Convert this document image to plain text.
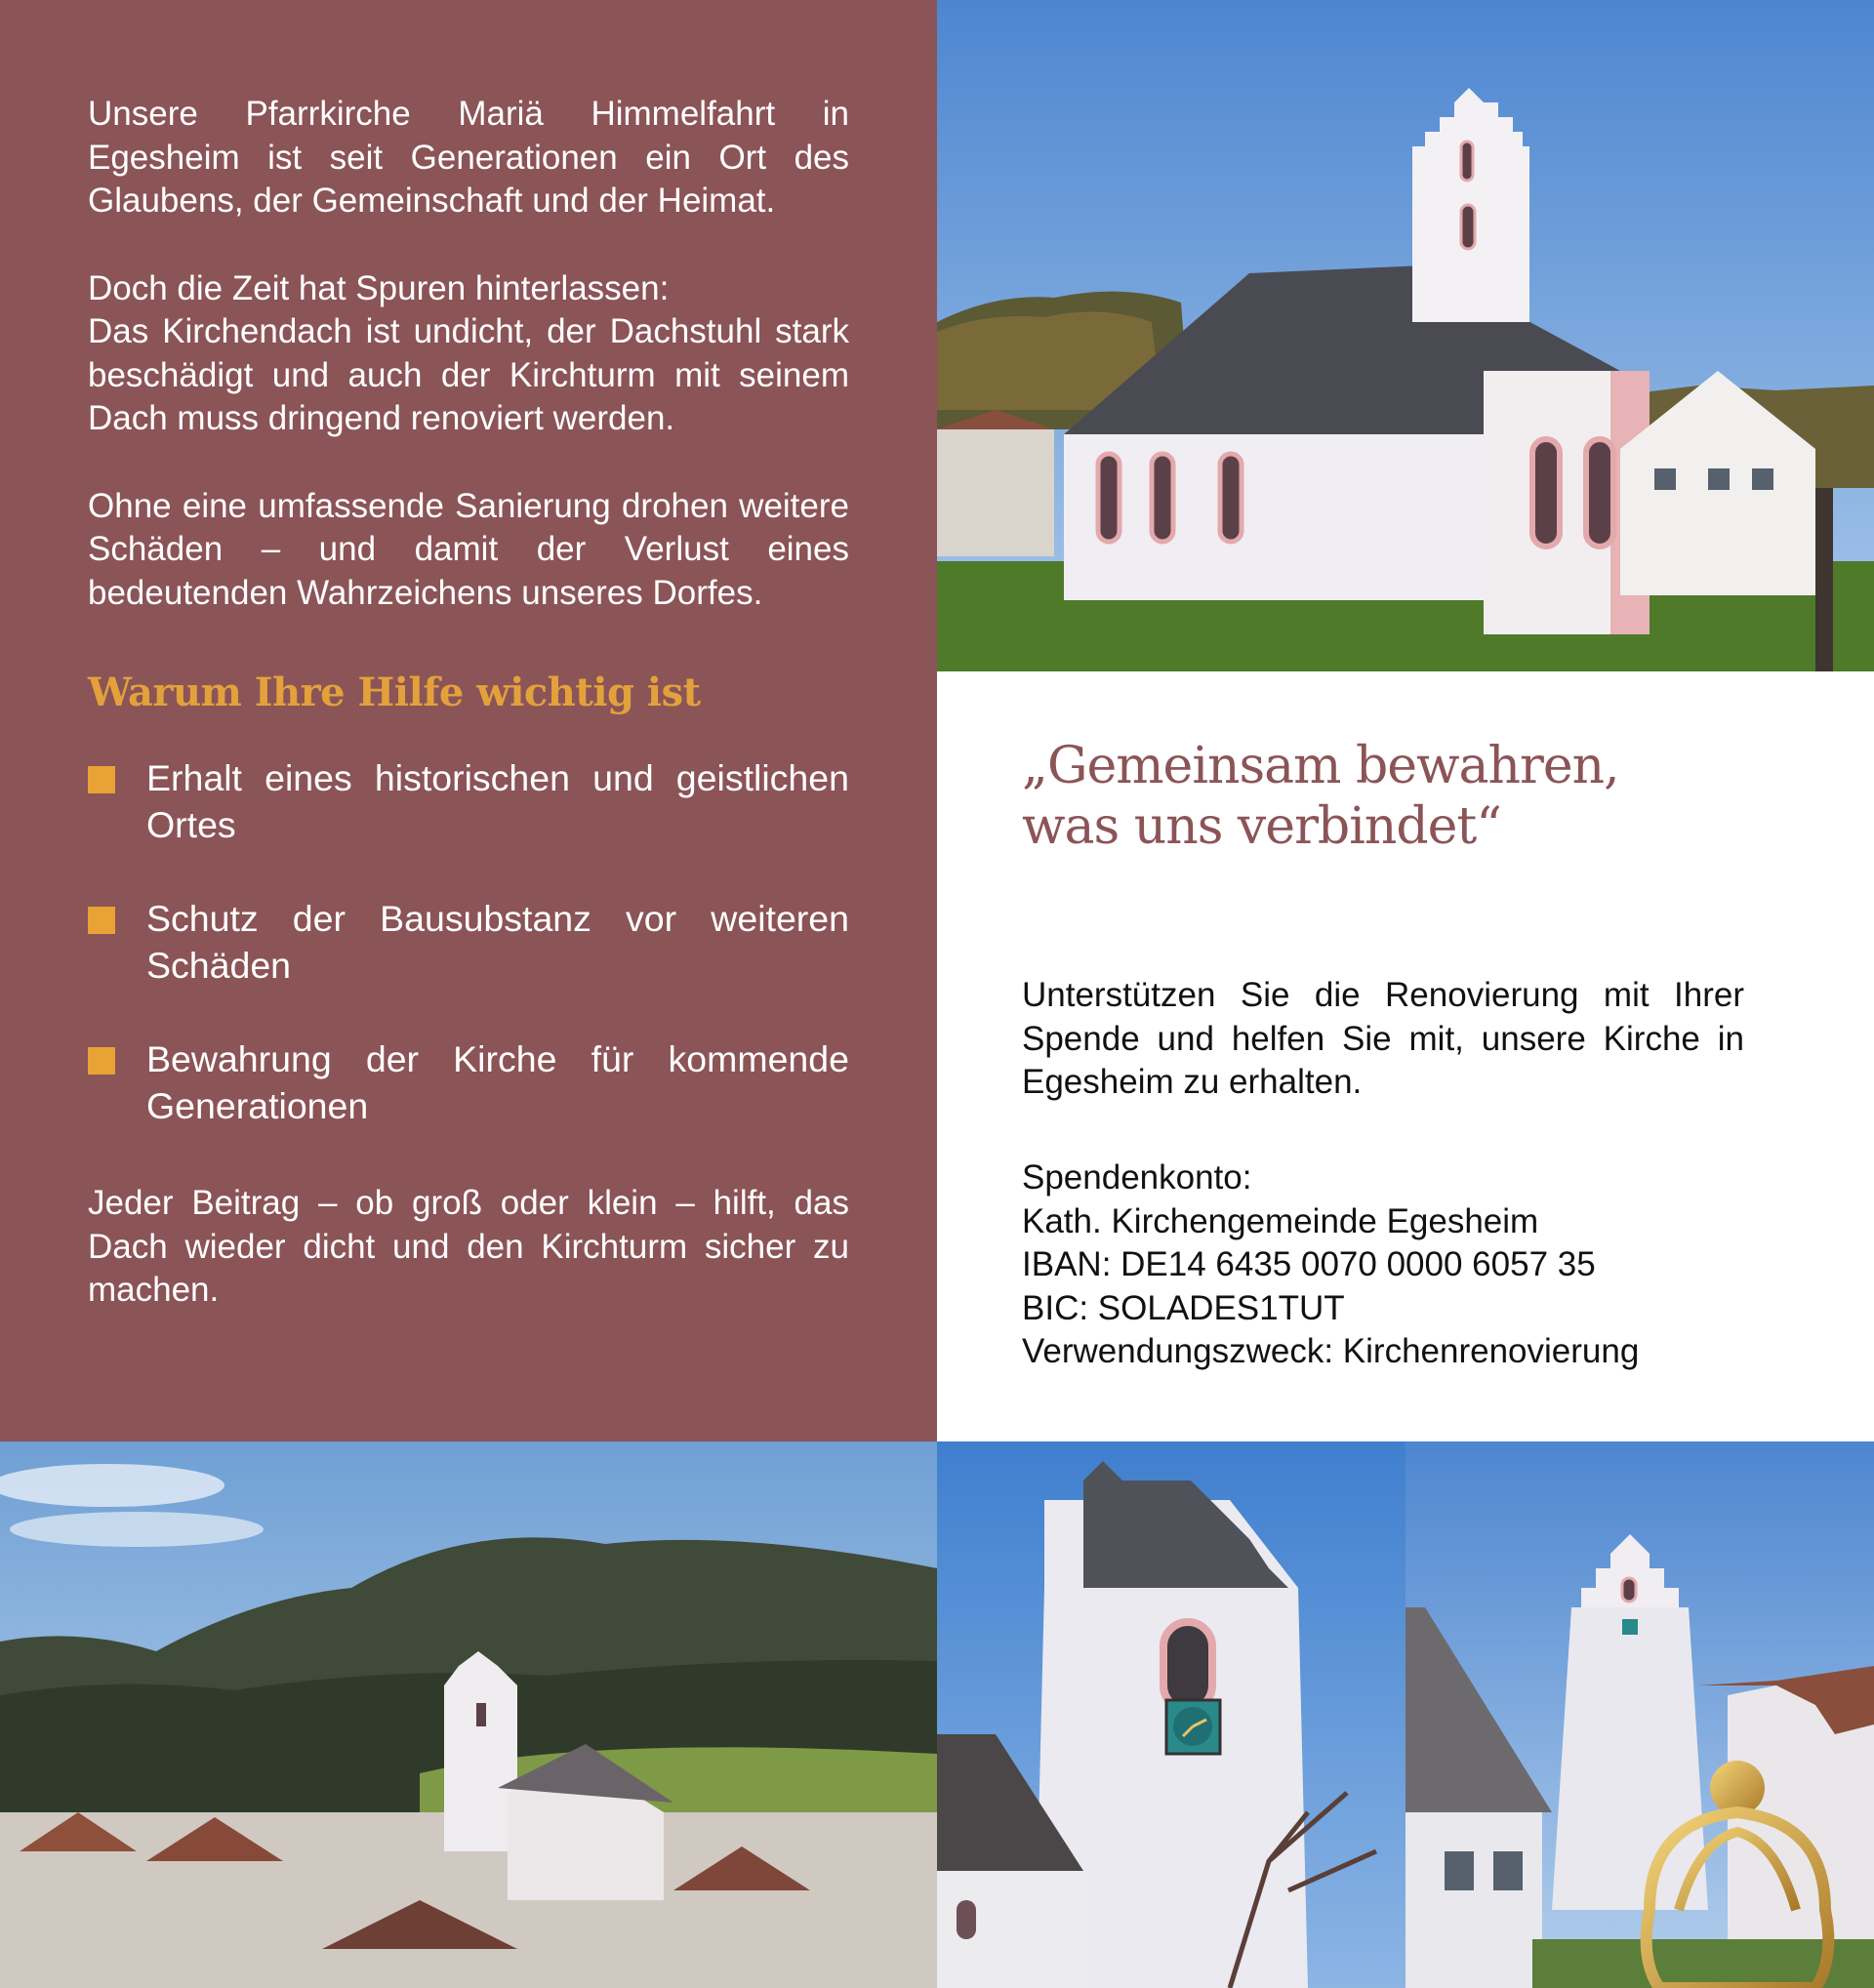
Unsere Pfarrkirche Mariä Himmelfahrt in Egesheim ist seit Generationen ein Ort des Glaubens, der Gemeinschaft und der Heimat.

Doch die Zeit hat Spuren hinterlassen:
Das Kirchendach ist undicht, der Dachstuhl stark beschädigt und auch der Kirchturm mit seinem Dach muss dringend renoviert werden.

Ohne eine umfassende Sanierung drohen weitere Schäden – und damit der Verlust eines bedeutenden Wahrzeichens unseres Dorfes.

Warum Ihre Hilfe wichtig ist
Erhalt eines historischen und geistlichen Ortes
Schutz der Bausubstanz vor weiteren Schäden
Bewahrung der Kirche für kommende Generationen

Jeder Beitrag – ob groß oder klein – hilft, das Dach wieder dicht und den Kirchturm sicher zu machen.

„Gemeinsam bewahren,
was uns verbindet“

Unterstützen Sie die Renovierung mit Ihrer Spende und helfen Sie mit, unsere Kirche in Egesheim zu erhalten.

Spendenkonto:
Kath. Kirchengemeinde Egesheim
IBAN: DE14 6435 0070 0000 6057 35
BIC: SOLADES1TUT
Verwendungszweck: Kirchenrenovierung
